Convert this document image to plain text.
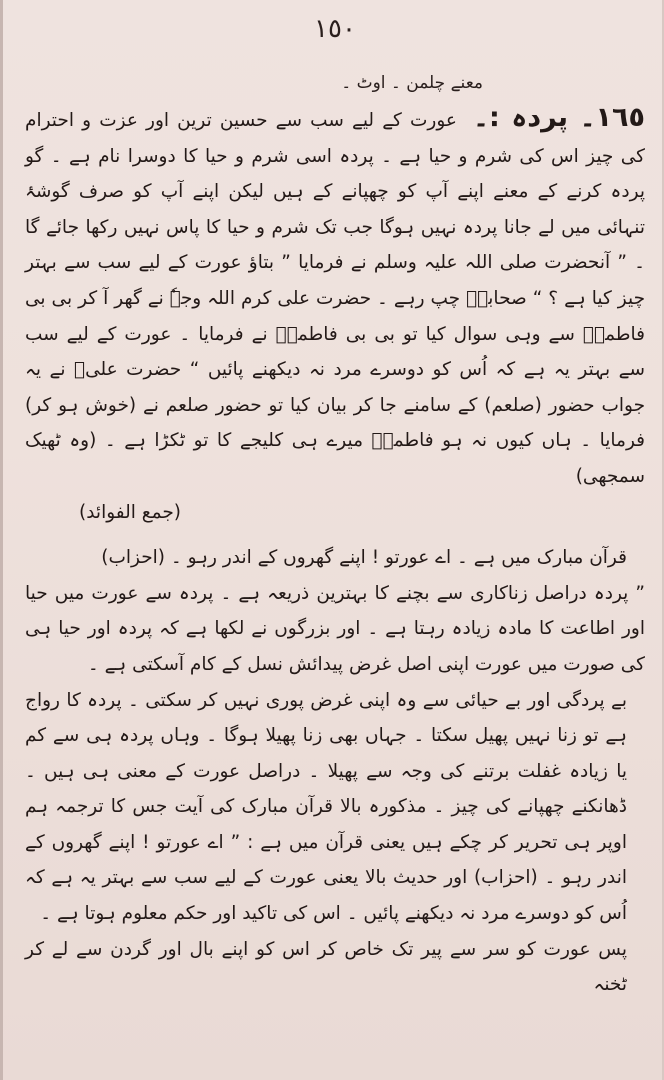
١٥٠
معنے چلمن ۔ اوٹ ۔

١٦٥۔ پردہ :۔ عورت کے لیے سب سے حسین ترین اور عزت و احترام کی چیز اس کی شرم و حیا ہے ۔ پردہ اسی شرم و حیا کا دوسرا نام ہے ۔ گو پردہ کرنے کے معنے اپنے آپ کو چھپانے کے ہیں لیکن اپنے آپ کو صرف گوشۂ تنہائی میں لے جانا پردہ نہیں ہوگا جب تک شرم و حیا کا پاس نہیں رکھا جائے گا ۔ ” آنحضرت صلی اللہ علیہ وسلم نے فرمایا ” بتاؤ عورت کے لیے سب سے بہتر چیز کیا ہے ؟ “ صحابہؓ چپ رہے ۔ حضرت علی کرم اللہ وجہٗ نے گھر آ کر بی بی فاطمہؓ سے وہی سوال کیا تو بی بی فاطمہؓ نے فرمایا ۔ عورت کے لیے سب سے بہتر یہ ہے کہ اُس کو دوسرے مرد نہ دیکھنے پائیں “ حضرت علیؓ نے یہ جواب حضور (صلعم) کے سامنے جا کر بیان کیا تو حضور صلعم نے (خوش ہو کر) فرمایا ۔ ہاں کیوں نہ ہو فاطمہؓ میرے ہی کلیجے کا تو ٹکڑا ہے ۔ (وہ ٹھیک سمجھی)

(جمع الفوائد)

قرآن مبارک میں ہے ۔ اے عورتو ! اپنے گھروں کے اندر رہو ۔ (احزاب)

” پردہ دراصل زناکاری سے بچنے کا بہترین ذریعہ ہے ۔ پردہ سے عورت میں حیا اور اطاعت کا مادہ زیادہ رہتا ہے ۔ اور بزرگوں نے لکھا ہے کہ پردہ اور حیا ہی کی صورت میں عورت اپنی اصل غرض پیدائش نسل کے کام آسکتی ہے ۔

بے پردگی اور بے حیائی سے وہ اپنی غرض پوری نہیں کر سکتی ۔ پردہ کا رواج ہے تو زنا نہیں پھیل سکتا ۔ جہاں بھی زنا پھیلا ہوگا ۔ وہاں پردہ ہی سے کم یا زیادہ غفلت برتنے کی وجہ سے پھیلا ۔ دراصل عورت کے معنی ہی ہیں ۔ ڈھانکنے چھپانے کی چیز ۔ مذکورہ بالا قرآن مبارک کی آیت جس کا ترجمہ ہم اوپر ہی تحریر کر چکے ہیں یعنی قرآن میں ہے : ” اے عورتو ! اپنے گھروں کے اندر رہو ۔ (احزاب) اور حدیث بالا یعنی عورت کے لیے سب سے بہتر یہ ہے کہ اُس کو دوسرے مرد نہ دیکھنے پائیں ۔ اس کی تاکید اور حکم معلوم ہوتا ہے ۔

پس عورت کو سر سے پیر تک خاص کر اس کو اپنے بال اور گردن سے لے کر ٹخنہ
